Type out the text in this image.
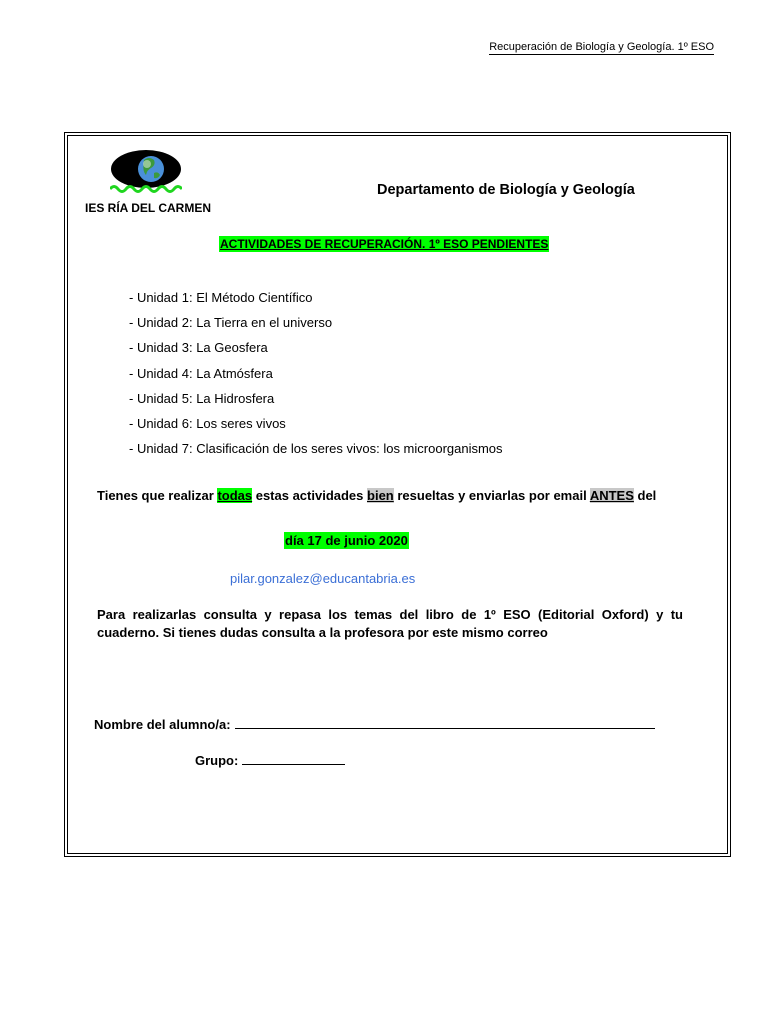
Recuperación de Biología y Geología. 1º ESO
IES RÍA DEL CARMEN
Departamento de Biología y Geología
ACTIVIDADES DE RECUPERACIÓN. 1º ESO PENDIENTES
- Unidad 1: El Método Científico
- Unidad 2: La Tierra en el universo
- Unidad 3: La Geosfera
- Unidad 4: La Atmósfera
- Unidad 5: La Hidrosfera
- Unidad 6: Los seres vivos
- Unidad 7: Clasificación de los seres vivos: los microorganismos
Tienes que realizar todas estas actividades bien resueltas y enviarlas por email ANTES del
día 17 de junio 2020
pilar.gonzalez@educantabria.es
Para realizarlas consulta y repasa los temas del libro de 1º ESO (Editorial Oxford) y tu cuaderno. Si tienes dudas consulta a la profesora por este mismo correo
Nombre del alumno/a:
Grupo:
